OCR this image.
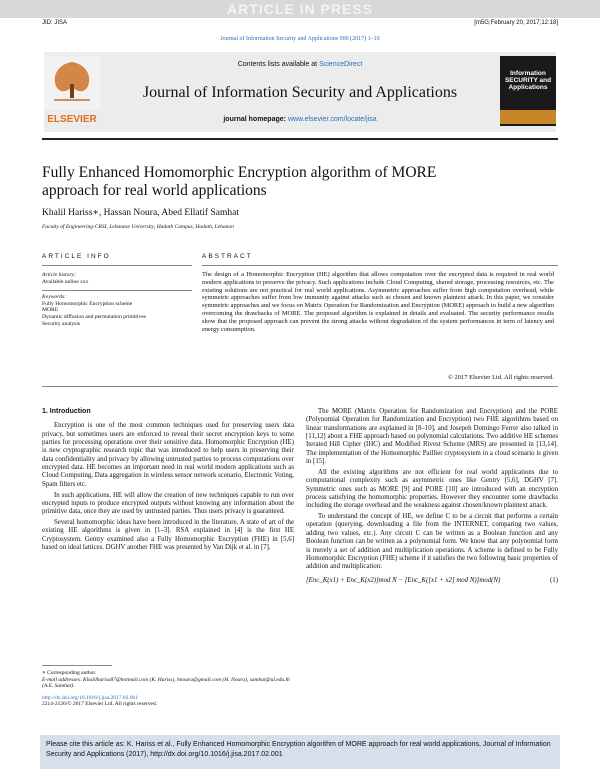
ARTICLE IN PRESS
JID: JISA	[m5G;February 20, 2017;12:18]
Journal of Information Security and Applications 000 (2017) 1–10
ELSEVIER
Contents lists available at ScienceDirect
Journal of Information Security and Applications
journal homepage: www.elsevier.com/locate/jisa
Information SECURITY and Applications
Fully Enhanced Homomorphic Encryption algorithm of MORE
approach for real world applications
Khalil Hariss∗, Hassan Noura, Abed Ellatif Samhat
Faculty of Engineering-CRSI, Lebanese University, Hadath Campus, Hadath, Lebanon
ARTICLE INFO	ABSTRACT
Article history:
Available online xxx
Keywords:
Fully Homomorphic Encryption scheme
MORE
Dynamic diffusion and permutation primitives
Security analysis
The design of a Homomorphic Encryption (HE) algorithm that allows computation over the encrypted data is required in real world modern applications to preserve the privacy. Such applications include Cloud Computing, shared storage, processing resources, etc. The existing solutions are not practical for real world applications. Asymmetric approaches suffer from high computation overhead, while symmetric approaches suffer from low immunity against attacks such as chosen and known plaintext attack. In this paper, we consider symmetric approaches and we focus on Matrix Operation for Randomization and Encryption (MORE) approach to build a new algorithm overcoming the drawbacks of MORE. The proposed algorithm is explained in details and evaluated. The security performance results show that the proposed approach can prevent the strong attacks without degradation of the system performances in term of latency and energy consumption.
© 2017 Elsevier Ltd. All rights reserved.
1. Introduction

Encryption is one of the most common techniques used for preserving users data privacy, but sometimes users are enforced to reveal their secret encryption keys to some parties for processing operations over their sensitive data. Homomorphic Encryption (HE) is new cryptographic research topic that was introduced to help users in preserving their data confidentiality and privacy by allowing untrusted parties to process computations over encrypted data. HE becomes an important need in real world modern applications such as Cloud Computing, Data aggregation in wireless sensor network scenario, Electronic Voting, Spam filters etc.

In such applications, HE will allow the creation of new techniques capable to run over encrypted inputs to produce encrypted outputs without knowing any information about the primitive data, once they are used by untrusted parties. Thus users privacy is guaranteed.

Several homomorphic ideas have been introduced in the literature. A state of art of the existing HE algorithms is given in [1–3]. RSA explained in [4] is the first HE Cryptosystem. Gentry examined also a Fully Homomorphic Encryption (FHE) in [5,6] based on ideal lattices. DGHV another FHE was presented by Van Dijk et al. in [7].

The MORE (Matrix Operation for Randomization and Encryption) and the PORE (Polynomial Operation for Randomization and Encryption) two FHE algorithms based on linear transformations are explained in [8–10], and Josepeh Domingo Ferrer also talked in [11,12] about a FHE approach based on polynomial calculations. Two additive HE schemes Iterated Hill Cipher (IHC) and Modified Rivest Scheme (MRS) are presented in [13,14]. The implementation of the Homomorphic Paillier cryptosystem in a cloud scenario is given in [15].

All the existing algorithms are not efficient for real world applications due to computational complexity such as asymmetric ones like Gentry [5,6], DGHV [7]. Symmetric ones such as MORE [9] and PORE [10] are introduced with an encryption process satisfying the homomorphic properties. However they encounter some drawbacks including the storage overhead and the weakness against chosen/known plaintext attack.

To understand the concept of HE, we define C to be a circuit that performs a certain operation (querying, downloading a file from the INTERNET, comparing two values, adding two values, etc.). Any circuit C can be written as a Boolean function and any Boolean function can be written as a polynomial form. We know that any polynomial form is merely a set of addition and multiplication operations. A scheme is defined to be Fully Homomorphic Encryption (FHE) scheme if it satisfies the two following basic properties of addition and multiplication:

[Enc_K(x1) + Enc_K(x2)]mod N − [Enc_K([x1 + x2] mod N)]mod(N)	(1)
∗ Corresponding author.
E-mail addresses: Khalilhariss87@hotmail.com (K. Hariss), hnoura@gmail.com (H. Noura), samhat@ul.edu.lb (A.E. Samhat).
http://dx.doi.org/10.1016/j.jisa.2017.02.001
2214-2126/© 2017 Elsevier Ltd. All rights reserved.
Please cite this article as: K. Hariss et al., Fully Enhanced Homomorphic Encryption algorithm of MORE approach for real world applications, Journal of Information Security and Applications (2017), http://dx.doi.org/10.1016/j.jisa.2017.02.001
